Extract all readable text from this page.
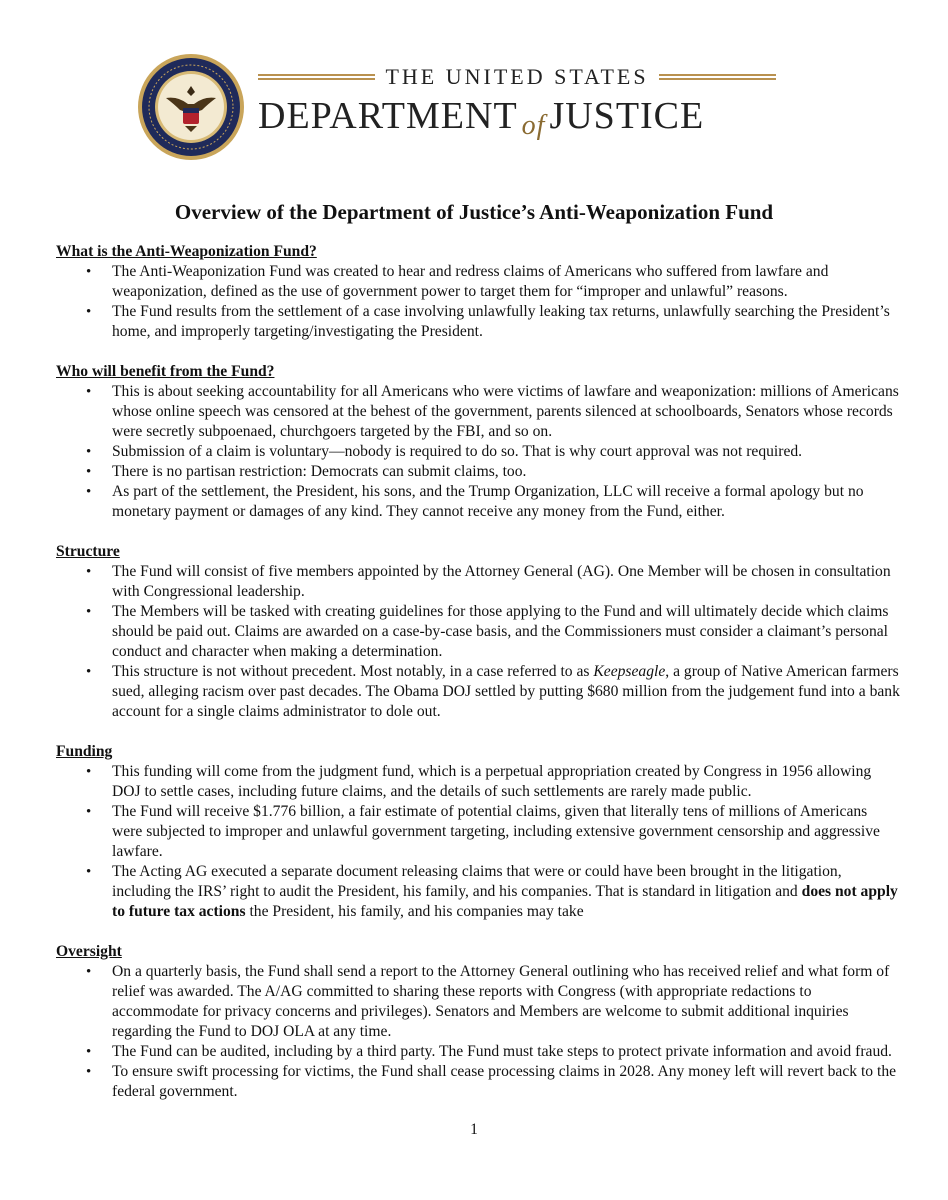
THE UNITED STATES
DEPARTMENT of JUSTICE
Overview of the Department of Justice’s Anti-Weaponization Fund

What is the Anti-Weaponization Fund?

• The Anti-Weaponization Fund was created to hear and redress claims of Americans who suffered from lawfare and weaponization, defined as the use of government power to target them for “improper and unlawful” reasons.
• The Fund results from the settlement of a case involving unlawfully leaking tax returns, unlawfully searching the President’s home, and improperly targeting/investigating the President.

Who will benefit from the Fund?

• This is about seeking accountability for all Americans who were victims of lawfare and weaponization: millions of Americans whose online speech was censored at the behest of the government, parents silenced at schoolboards, Senators whose records were secretly subpoenaed, churchgoers targeted by the FBI, and so on.
• Submission of a claim is voluntary—nobody is required to do so. That is why court approval was not required.
• There is no partisan restriction: Democrats can submit claims, too.
• As part of the settlement, the President, his sons, and the Trump Organization, LLC will receive a formal apology but no monetary payment or damages of any kind. They cannot receive any money from the Fund, either.

Structure

• The Fund will consist of five members appointed by the Attorney General (AG). One Member will be chosen in consultation with Congressional leadership.
• The Members will be tasked with creating guidelines for those applying to the Fund and will ultimately decide which claims should be paid out. Claims are awarded on a case-by-case basis, and the Commissioners must consider a claimant’s personal conduct and character when making a determination.
• This structure is not without precedent. Most notably, in a case referred to as Keepseagle, a group of Native American farmers sued, alleging racism over past decades. The Obama DOJ settled by putting $680 million from the judgement fund into a bank account for a single claims administrator to dole out.

Funding

• This funding will come from the judgment fund, which is a perpetual appropriation created by Congress in 1956 allowing DOJ to settle cases, including future claims, and the details of such settlements are rarely made public.
• The Fund will receive $1.776 billion, a fair estimate of potential claims, given that literally tens of millions of Americans were subjected to improper and unlawful government targeting, including extensive government censorship and aggressive lawfare.
• The Acting AG executed a separate document releasing claims that were or could have been brought in the litigation, including the IRS’ right to audit the President, his family, and his companies. That is standard in litigation and does not apply to future tax actions the President, his family, and his companies may take

Oversight

• On a quarterly basis, the Fund shall send a report to the Attorney General outlining who has received relief and what form of relief was awarded. The A/AG committed to sharing these reports with Congress (with appropriate redactions to accommodate for privacy concerns and privileges). Senators and Members are welcome to submit additional inquiries regarding the Fund to DOJ OLA at any time.
• The Fund can be audited, including by a third party. The Fund must take steps to protect private information and avoid fraud.
• To ensure swift processing for victims, the Fund shall cease processing claims in 2028. Any money left will revert back to the federal government.
1
